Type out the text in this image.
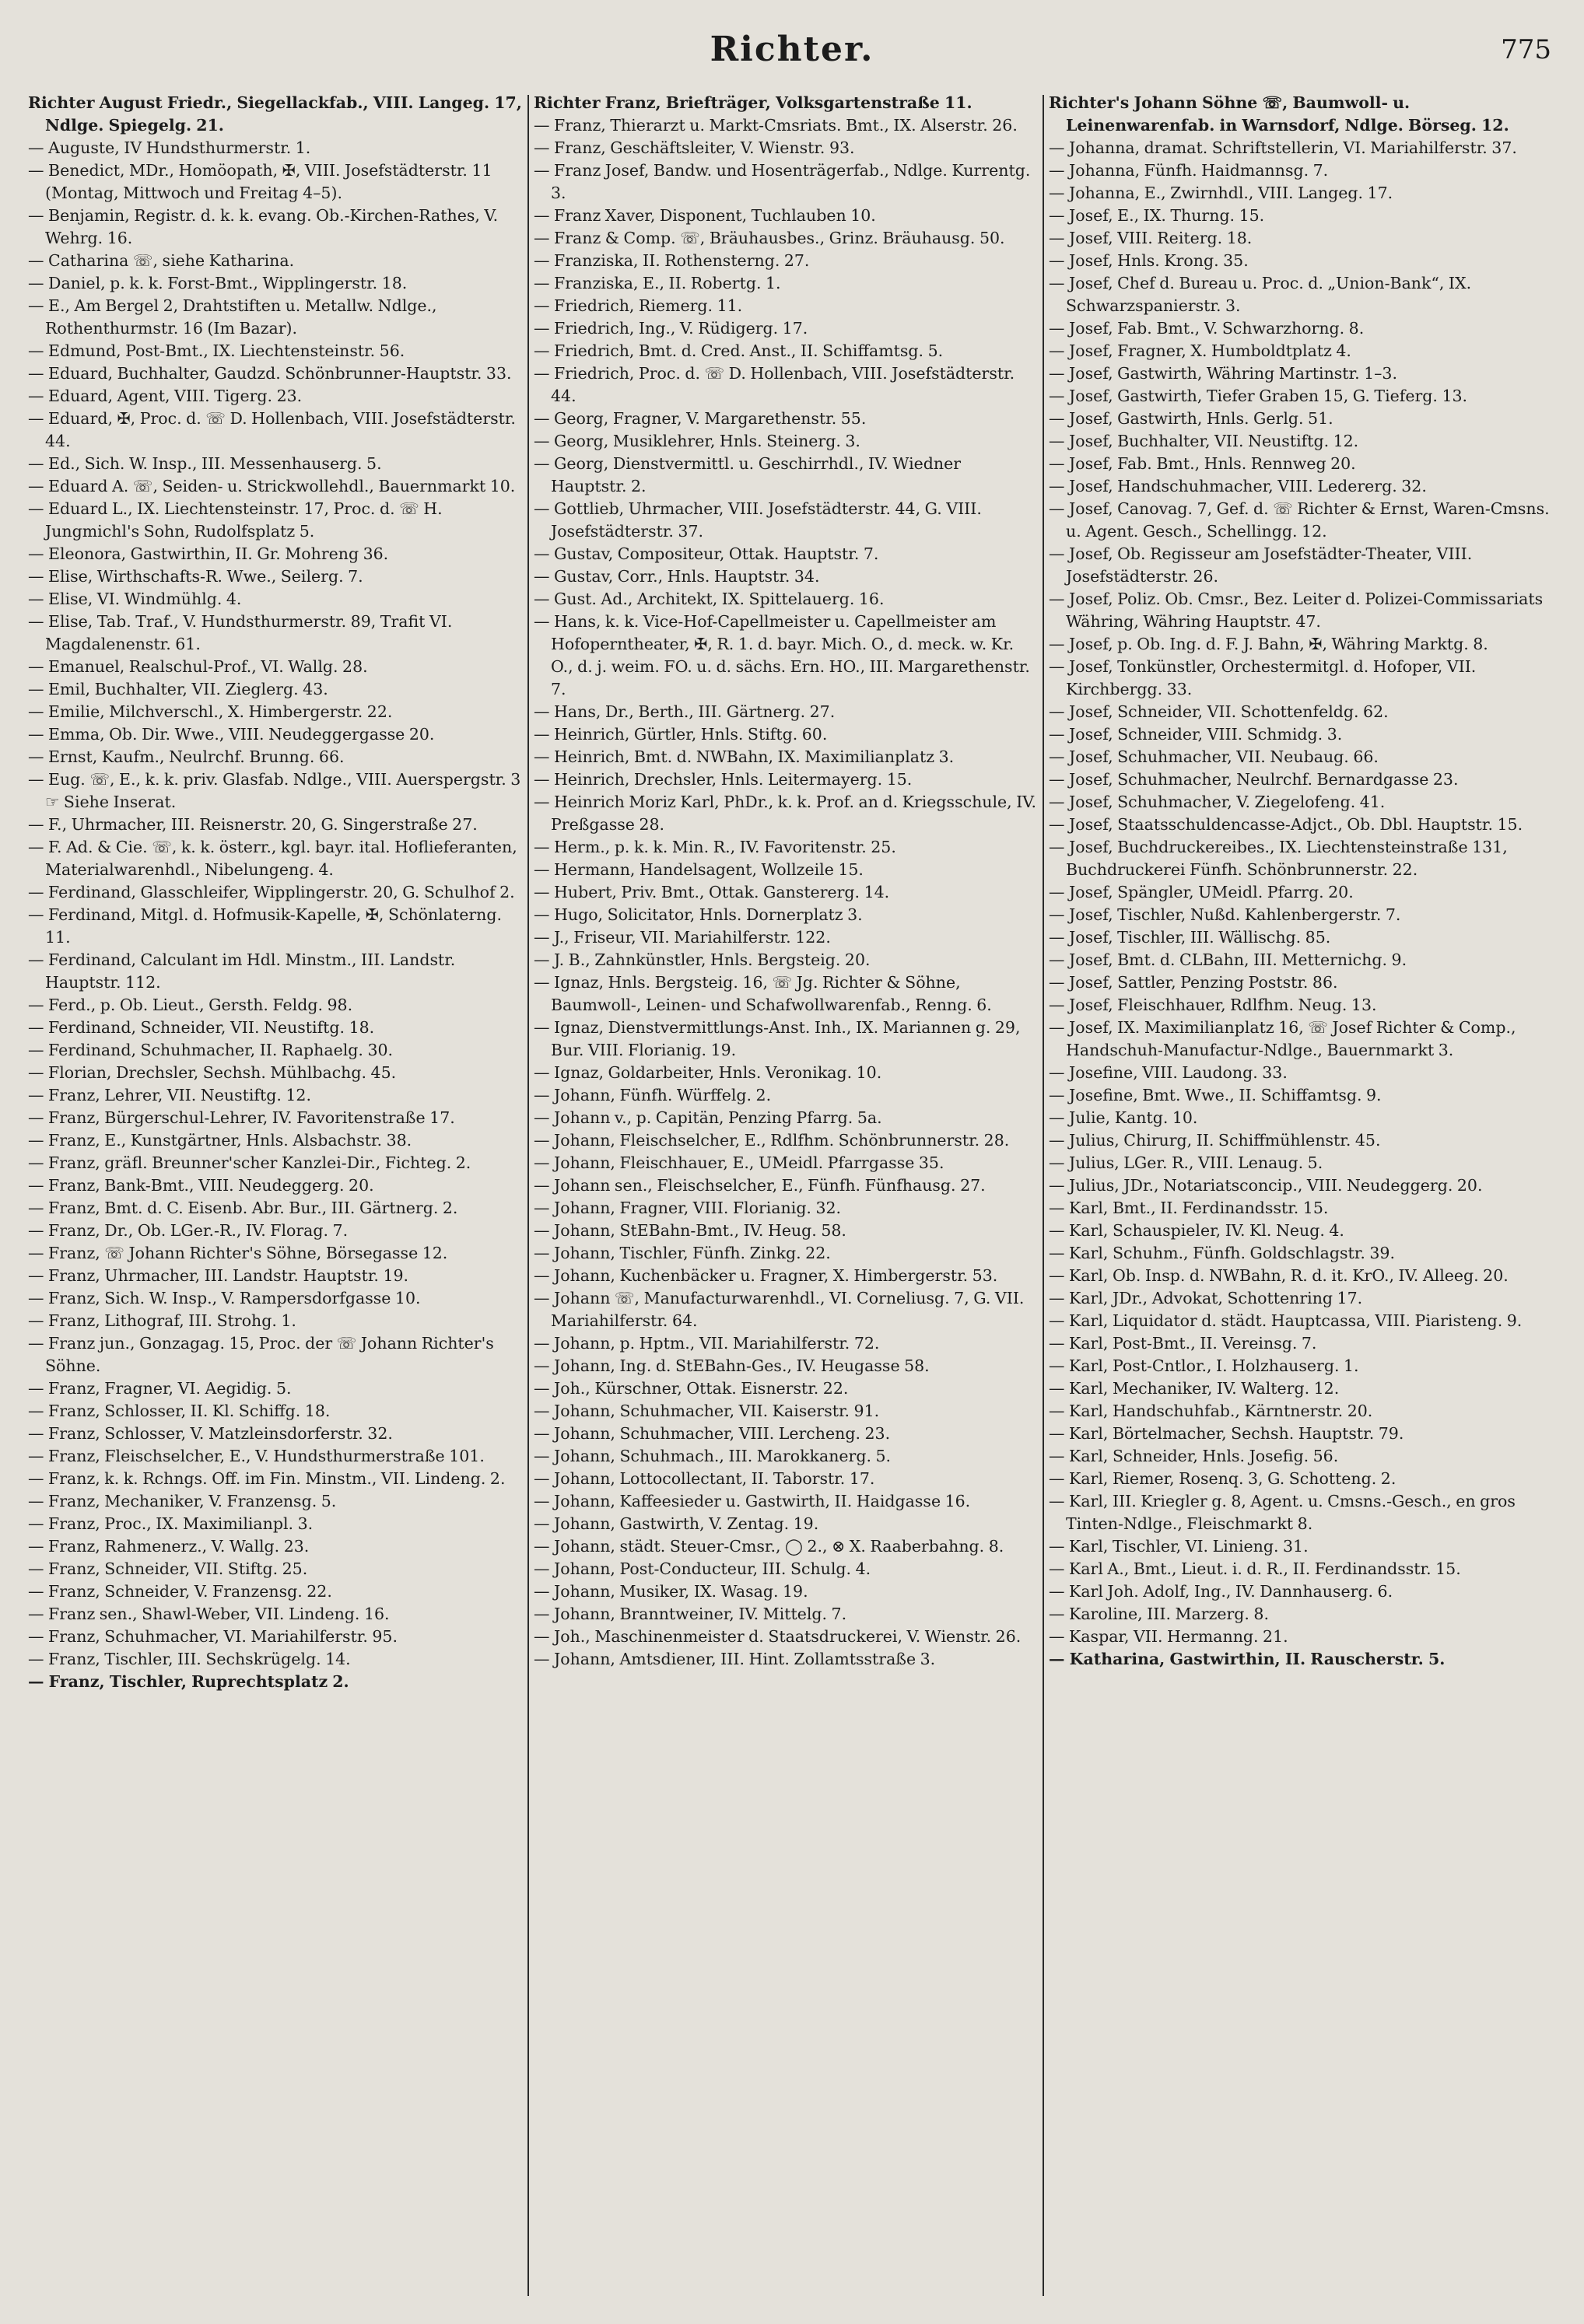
Richter.	775

Richter August Friedr., Siegellackfab., VIII. Langeg. 17, Ndlge. Spiegelg. 21.

— Auguste, IV Hundsthurmerstr. 1.

— Benedict, MDr., Homöopath, ✠, VIII. Josefstädterstr. 11 (Montag, Mittwoch und Freitag 4–5).

— Benjamin, Registr. d. k. k. evang. Ob.-Kirchen-Rathes, V. Wehrg. 16.

— Catharina ☏, siehe Katharina.

— Daniel, p. k. k. Forst-Bmt., Wipplingerstr. 18.

— E., Am Bergel 2, Drahtstiften u. Metallw. Ndlge., Rothenthurmstr. 16 (Im Bazar).

— Edmund, Post-Bmt., IX. Liechtensteinstr. 56.

— Eduard, Buchhalter, Gaudzd. Schönbrunner-Hauptstr. 33.

— Eduard, Agent, VIII. Tigerg. 23.

— Eduard, ✠, Proc. d. ☏ D. Hollenbach, VIII. Josefstädterstr. 44.

— Ed., Sich. W. Insp., III. Messenhauserg. 5.

— Eduard A. ☏, Seiden- u. Strickwollehdl., Bauernmarkt 10.

— Eduard L., IX. Liechtensteinstr. 17, Proc. d. ☏ H. Jungmichl's Sohn, Rudolfsplatz 5.

— Eleonora, Gastwirthin, II. Gr. Mohreng 36.

— Elise, Wirthschafts-R. Wwe., Seilerg. 7.

— Elise, VI. Windmühlg. 4.

— Elise, Tab. Traf., V. Hundsthurmerstr. 89, Trafit VI. Magdalenenstr. 61.

— Emanuel, Realschul-Prof., VI. Wallg. 28.

— Emil, Buchhalter, VII. Zieglerg. 43.

— Emilie, Milchverschl., X. Himbergerstr. 22.

— Emma, Ob. Dir. Wwe., VIII. Neudeggergasse 20.

— Ernst, Kaufm., Neulrchf. Brunng. 66.

— Eug. ☏, E., k. k. priv. Glasfab. Ndlge., VIII. Auerspergstr. 3 ☞ Siehe Inserat.

— F., Uhrmacher, III. Reisnerstr. 20, G. Singerstraße 27.

— F. Ad. & Cie. ☏, k. k. österr., kgl. bayr. ital. Hoflieferanten, Materialwarenhdl., Nibelungeng. 4.

— Ferdinand, Glasschleifer, Wipplingerstr. 20, G. Schulhof 2.

— Ferdinand, Mitgl. d. Hofmusik-Kapelle, ✠, Schönlaterng. 11.

— Ferdinand, Calculant im Hdl. Minstm., III. Landstr. Hauptstr. 112.

— Ferd., p. Ob. Lieut., Gersth. Feldg. 98.

— Ferdinand, Schneider, VII. Neustiftg. 18.

— Ferdinand, Schuhmacher, II. Raphaelg. 30.

— Florian, Drechsler, Sechsh. Mühlbachg. 45.

— Franz, Lehrer, VII. Neustiftg. 12.

— Franz, Bürgerschul-Lehrer, IV. Favoritenstraße 17.

— Franz, E., Kunstgärtner, Hnls. Alsbachstr. 38.

— Franz, gräfl. Breunner'scher Kanzlei-Dir., Fichteg. 2.

— Franz, Bank-Bmt., VIII. Neudeggerg. 20.

— Franz, Bmt. d. C. Eisenb. Abr. Bur., III. Gärtnerg. 2.

— Franz, Dr., Ob. LGer.-R., IV. Florag. 7.

— Franz, ☏ Johann Richter's Söhne, Börsegasse 12.

— Franz, Uhrmacher, III. Landstr. Hauptstr. 19.

— Franz, Sich. W. Insp., V. Rampersdorfgasse 10.

— Franz, Lithograf, III. Strohg. 1.

— Franz jun., Gonzagag. 15, Proc. der ☏ Johann Richter's Söhne.

— Franz, Fragner, VI. Aegidig. 5.

— Franz, Schlosser, II. Kl. Schiffg. 18.

— Franz, Schlosser, V. Matzleinsdorferstr. 32.

— Franz, Fleischselcher, E., V. Hundsthurmerstraße 101.

— Franz, k. k. Rchngs. Off. im Fin. Minstm., VII. Lindeng. 2.

— Franz, Mechaniker, V. Franzensg. 5.

— Franz, Proc., IX. Maximilianpl. 3.

— Franz, Rahmenerz., V. Wallg. 23.

— Franz, Schneider, VII. Stiftg. 25.

— Franz, Schneider, V. Franzensg. 22.

— Franz sen., Shawl-Weber, VII. Lindeng. 16.

— Franz, Schuhmacher, VI. Mariahilferstr. 95.

— Franz, Tischler, III. Sechskrügelg. 14.

— Franz, Tischler, Ruprechtsplatz 2.

Richter Franz, Briefträger, Volksgartenstraße 11.

— Franz, Thierarzt u. Markt-Cmsriats. Bmt., IX. Alserstr. 26.

— Franz, Geschäftsleiter, V. Wienstr. 93.

— Franz Josef, Bandw. und Hosenträgerfab., Ndlge. Kurrentg. 3.

— Franz Xaver, Disponent, Tuchlauben 10.

— Franz & Comp. ☏, Bräuhausbes., Grinz. Bräuhausg. 50.

— Franziska, II. Rothensterng. 27.

— Franziska, E., II. Robertg. 1.

— Friedrich, Riemerg. 11.

— Friedrich, Ing., V. Rüdigerg. 17.

— Friedrich, Bmt. d. Cred. Anst., II. Schiffamtsg. 5.

— Friedrich, Proc. d. ☏ D. Hollenbach, VIII. Josefstädterstr. 44.

— Georg, Fragner, V. Margarethenstr. 55.

— Georg, Musiklehrer, Hnls. Steinerg. 3.

— Georg, Dienstvermittl. u. Geschirrhdl., IV. Wiedner Hauptstr. 2.

— Gottlieb, Uhrmacher, VIII. Josefstädterstr. 44, G. VIII. Josefstädterstr. 37.

— Gustav, Compositeur, Ottak. Hauptstr. 7.

— Gustav, Corr., Hnls. Hauptstr. 34.

— Gust. Ad., Architekt, IX. Spittelauerg. 16.

— Hans, k. k. Vice-Hof-Capellmeister u. Capellmeister am Hofoperntheater, ✠, R. 1. d. bayr. Mich. O., d. meck. w. Kr. O., d. j. weim. FO. u. d. sächs. Ern. HO., III. Margarethenstr. 7.

— Hans, Dr., Berth., III. Gärtnerg. 27.

— Heinrich, Gürtler, Hnls. Stiftg. 60.

— Heinrich, Bmt. d. NWBahn, IX. Maximilianplatz 3.

— Heinrich, Drechsler, Hnls. Leitermayerg. 15.

— Heinrich Moriz Karl, PhDr., k. k. Prof. an d. Kriegsschule, IV. Preßgasse 28.

— Herm., p. k. k. Min. R., IV. Favoritenstr. 25.

— Hermann, Handelsagent, Wollzeile 15.

— Hubert, Priv. Bmt., Ottak. Ganstererg. 14.

— Hugo, Solicitator, Hnls. Dornerplatz 3.

— J., Friseur, VII. Mariahilferstr. 122.

— J. B., Zahnkünstler, Hnls. Bergsteig. 20.

— Ignaz, Hnls. Bergsteig. 16, ☏ Jg. Richter & Söhne, Baumwoll-, Leinen- und Schafwollwarenfab., Renng. 6.

— Ignaz, Dienstvermittlungs-Anst. Inh., IX. Mariannen g. 29, Bur. VIII. Florianig. 19.

— Ignaz, Goldarbeiter, Hnls. Veronikag. 10.

— Johann, Fünfh. Würffelg. 2.

— Johann v., p. Capitän, Penzing Pfarrg. 5a.

— Johann, Fleischselcher, E., Rdlfhm. Schönbrunnerstr. 28.

— Johann, Fleischhauer, E., UMeidl. Pfarrgasse 35.

— Johann sen., Fleischselcher, E., Fünfh. Fünfhausg. 27.

— Johann, Fragner, VIII. Florianig. 32.

— Johann, StEBahn-Bmt., IV. Heug. 58.

— Johann, Tischler, Fünfh. Zinkg. 22.

— Johann, Kuchenbäcker u. Fragner, X. Himbergerstr. 53.

— Johann ☏, Manufacturwarenhdl., VI. Corneliusg. 7, G. VII. Mariahilferstr. 64.

— Johann, p. Hptm., VII. Mariahilferstr. 72.

— Johann, Ing. d. StEBahn-Ges., IV. Heugasse 58.

— Joh., Kürschner, Ottak. Eisnerstr. 22.

— Johann, Schuhmacher, VII. Kaiserstr. 91.

— Johann, Schuhmacher, VIII. Lercheng. 23.

— Johann, Schuhmach., III. Marokkanerg. 5.

— Johann, Lottocollectant, II. Taborstr. 17.

— Johann, Kaffeesieder u. Gastwirth, II. Haidgasse 16.

— Johann, Gastwirth, V. Zentag. 19.

— Johann, städt. Steuer-Cmsr., ◯ 2., ⊗ X. Raaberbahng. 8.

— Johann, Post-Conducteur, III. Schulg. 4.

— Johann, Musiker, IX. Wasag. 19.

— Johann, Branntweiner, IV. Mittelg. 7.

— Joh., Maschinenmeister d. Staatsdruckerei, V. Wienstr. 26.

— Johann, Amtsdiener, III. Hint. Zollamtsstraße 3.

Richter's Johann Söhne ☏, Baumwoll- u. Leinenwarenfab. in Warnsdorf, Ndlge. Börseg. 12.

— Johanna, dramat. Schriftstellerin, VI. Mariahilferstr. 37.

— Johanna, Fünfh. Haidmannsg. 7.

— Johanna, E., Zwirnhdl., VIII. Langeg. 17.

— Josef, E., IX. Thurng. 15.

— Josef, VIII. Reiterg. 18.

— Josef, Hnls. Krong. 35.

— Josef, Chef d. Bureau u. Proc. d. „Union-Bank“, IX. Schwarzspanierstr. 3.

— Josef, Fab. Bmt., V. Schwarzhorng. 8.

— Josef, Fragner, X. Humboldtplatz 4.

— Josef, Gastwirth, Währing Martinstr. 1–3.

— Josef, Gastwirth, Tiefer Graben 15, G. Tieferg. 13.

— Josef, Gastwirth, Hnls. Gerlg. 51.

— Josef, Buchhalter, VII. Neustiftg. 12.

— Josef, Fab. Bmt., Hnls. Rennweg 20.

— Josef, Handschuhmacher, VIII. Ledererg. 32.

— Josef, Canovag. 7, Gef. d. ☏ Richter & Ernst, Waren-Cmsns. u. Agent. Gesch., Schellingg. 12.

— Josef, Ob. Regisseur am Josefstädter-Theater, VIII. Josefstädterstr. 26.

— Josef, Poliz. Ob. Cmsr., Bez. Leiter d. Polizei-Commissariats Währing, Währing Hauptstr. 47.

— Josef, p. Ob. Ing. d. F. J. Bahn, ✠, Währing Marktg. 8.

— Josef, Tonkünstler, Orchestermitgl. d. Hofoper, VII. Kirchbergg. 33.

— Josef, Schneider, VII. Schottenfeldg. 62.

— Josef, Schneider, VIII. Schmidg. 3.

— Josef, Schuhmacher, VII. Neubaug. 66.

— Josef, Schuhmacher, Neulrchf. Bernardgasse 23.

— Josef, Schuhmacher, V. Ziegelofeng. 41.

— Josef, Staatsschuldencasse-Adjct., Ob. Dbl. Hauptstr. 15.

— Josef, Buchdruckereibes., IX. Liechtensteinstraße 131, Buchdruckerei Fünfh. Schönbrunnerstr. 22.

— Josef, Spängler, UMeidl. Pfarrg. 20.

— Josef, Tischler, Nußd. Kahlenbergerstr. 7.

— Josef, Tischler, III. Wällischg. 85.

— Josef, Bmt. d. CLBahn, III. Metternichg. 9.

— Josef, Sattler, Penzing Poststr. 86.

— Josef, Fleischhauer, Rdlfhm. Neug. 13.

— Josef, IX. Maximilianplatz 16, ☏ Josef Richter & Comp., Handschuh-Manufactur-Ndlge., Bauernmarkt 3.

— Josefine, VIII. Laudong. 33.

— Josefine, Bmt. Wwe., II. Schiffamtsg. 9.

— Julie, Kantg. 10.

— Julius, Chirurg, II. Schiffmühlenstr. 45.

— Julius, LGer. R., VIII. Lenaug. 5.

— Julius, JDr., Notariatsconcip., VIII. Neudeggerg. 20.

— Karl, Bmt., II. Ferdinandsstr. 15.

— Karl, Schauspieler, IV. Kl. Neug. 4.

— Karl, Schuhm., Fünfh. Goldschlagstr. 39.

— Karl, Ob. Insp. d. NWBahn, R. d. it. KrO., IV. Alleeg. 20.

— Karl, JDr., Advokat, Schottenring 17.

— Karl, Liquidator d. städt. Hauptcassa, VIII. Piaristeng. 9.

— Karl, Post-Bmt., II. Vereinsg. 7.

— Karl, Post-Cntlor., I. Holzhauserg. 1.

— Karl, Mechaniker, IV. Walterg. 12.

— Karl, Handschuhfab., Kärntnerstr. 20.

— Karl, Börtelmacher, Sechsh. Hauptstr. 79.

— Karl, Schneider, Hnls. Josefig. 56.

— Karl, Riemer, Rosenq. 3, G. Schotteng. 2.

— Karl, III. Kriegler g. 8, Agent. u. Cmsns.-Gesch., en gros Tinten-Ndlge., Fleischmarkt 8.

— Karl, Tischler, VI. Linieng. 31.

— Karl A., Bmt., Lieut. i. d. R., II. Ferdinandsstr. 15.

— Karl Joh. Adolf, Ing., IV. Dannhauserg. 6.

— Karoline, III. Marzerg. 8.

— Kaspar, VII. Hermanng. 21.

— Katharina, Gastwirthin, II. Rauscherstr. 5.
